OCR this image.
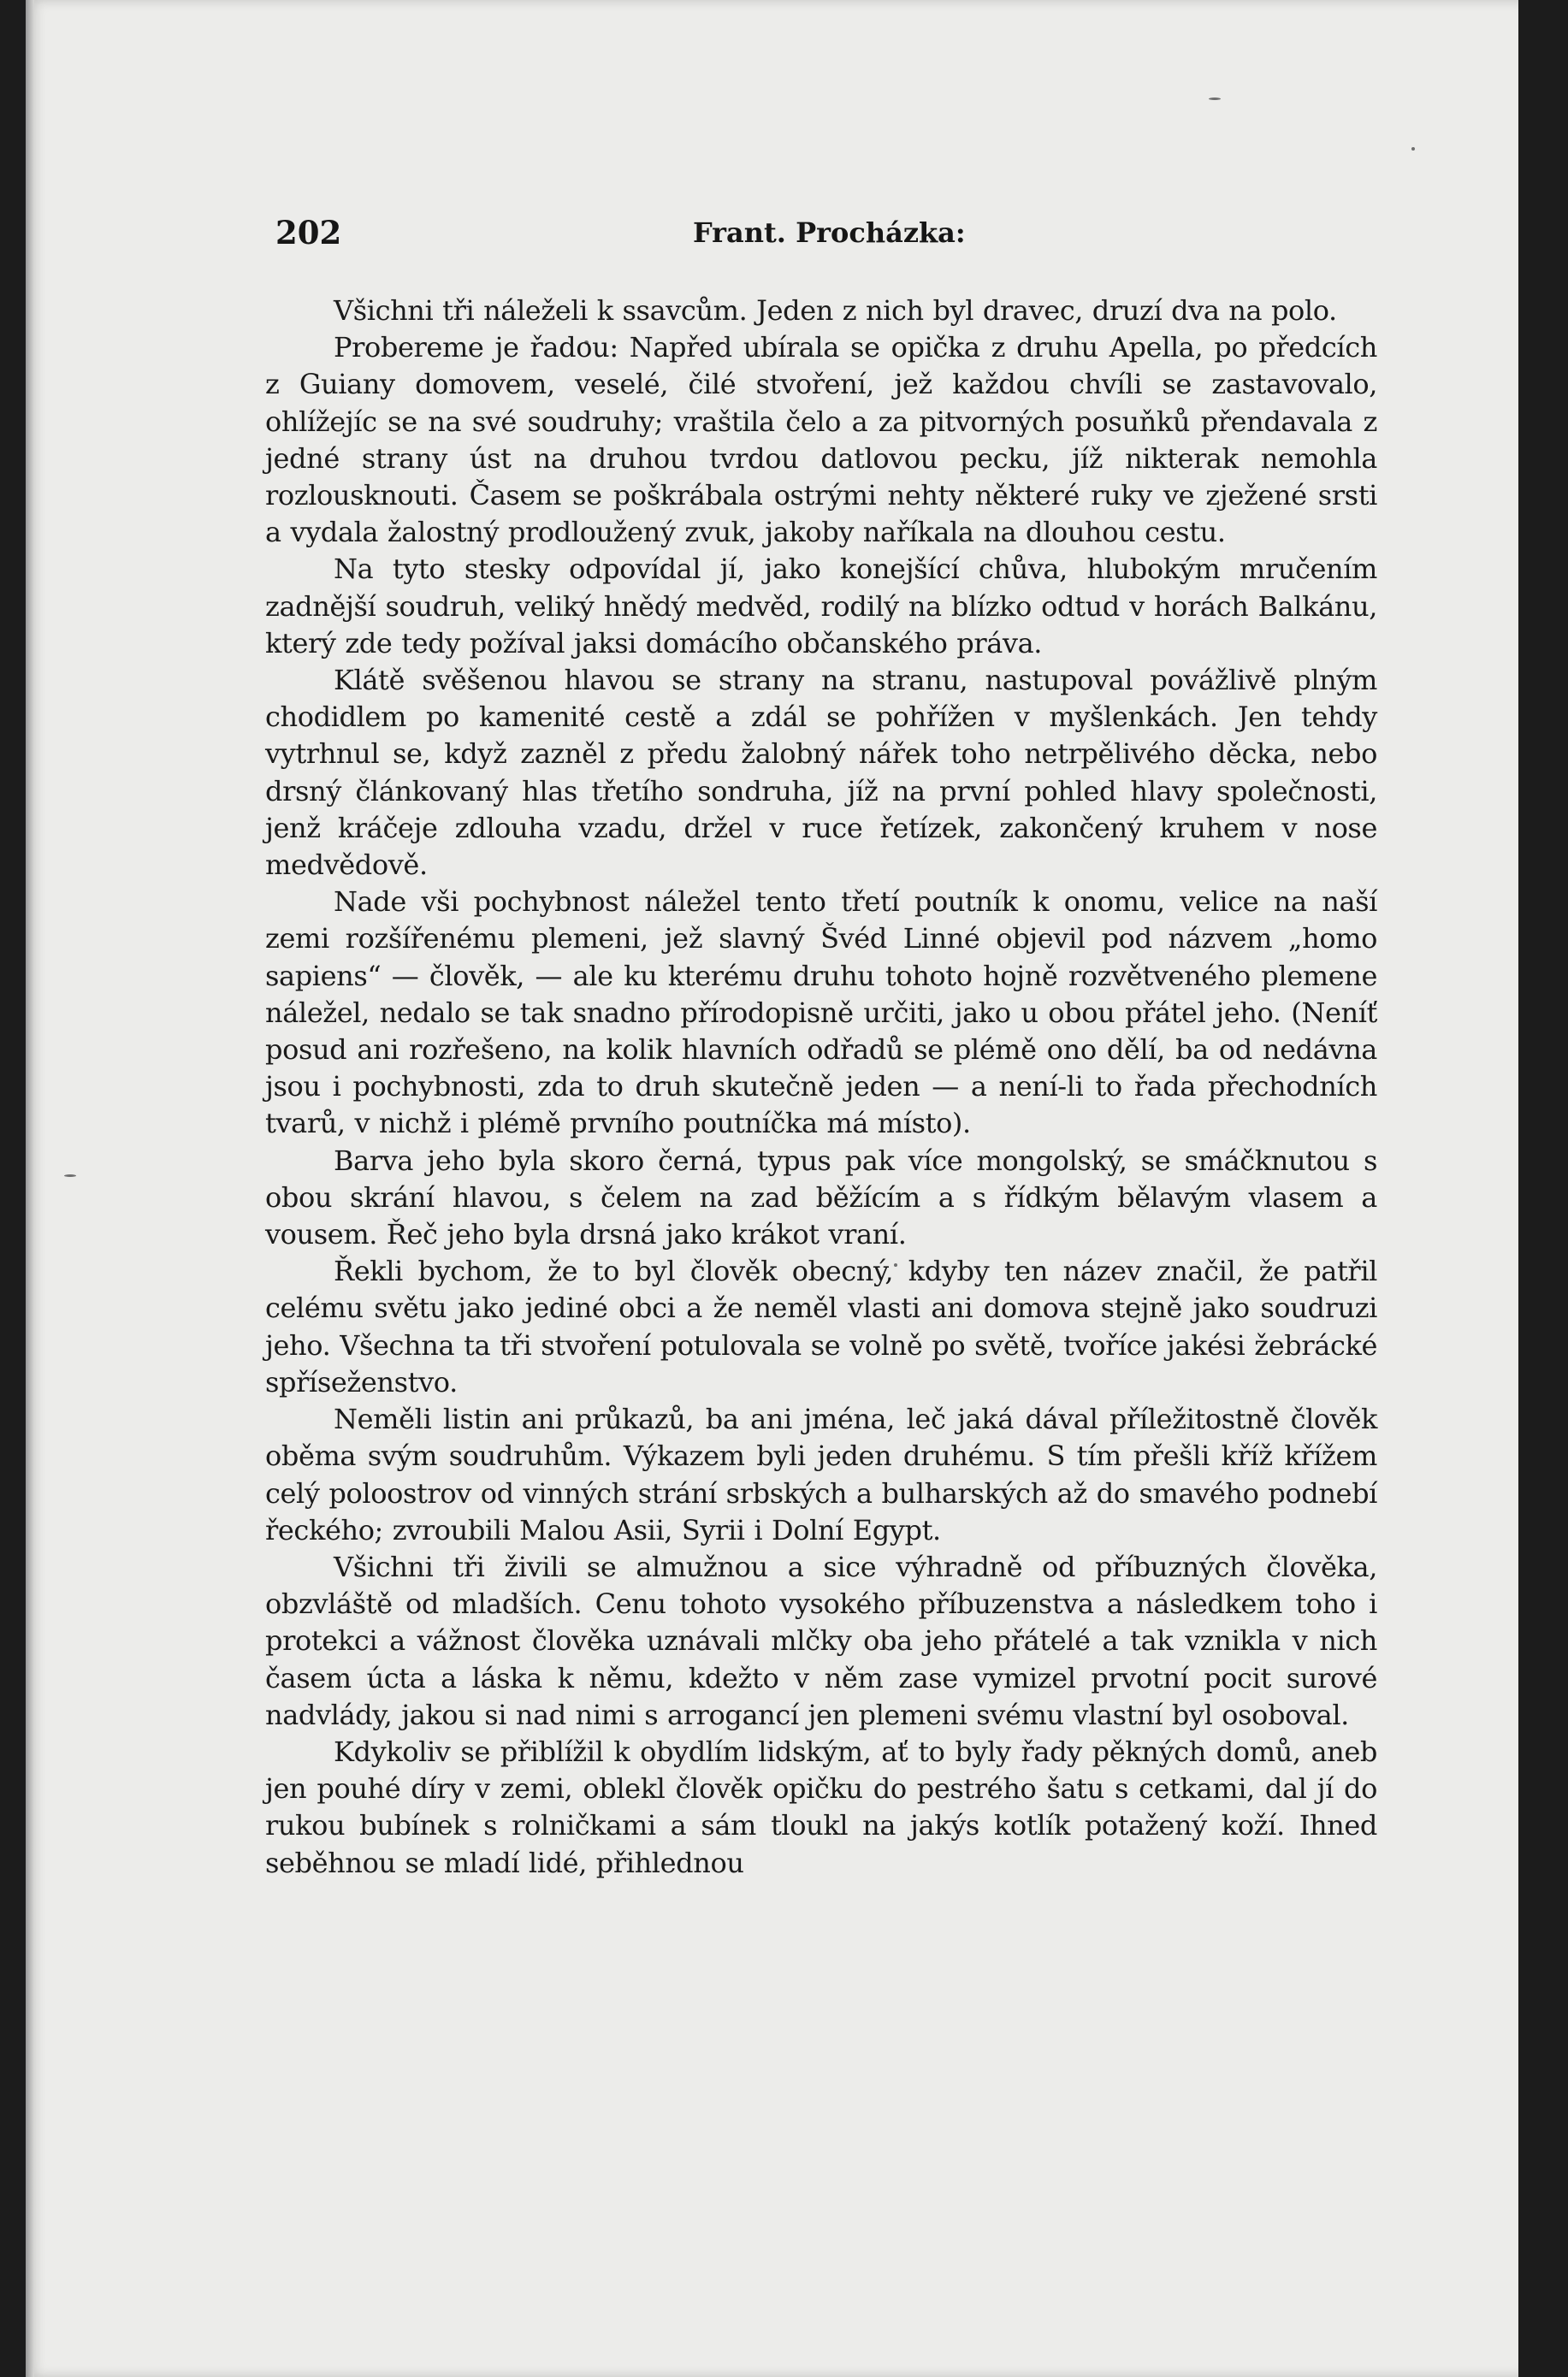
202	Frant. Procházka:

Všichni tři náleželi k ssavcům. Jeden z nich byl dravec, druzí dva na polo.

Probereme je řadou: Napřed ubírala se opička z druhu Apella, po předcích z Guiany domovem, veselé, čilé stvoření, jež každou chvíli se zastavovalo, ohlížejíc se na své soudruhy; vraštila čelo a za pitvorných posuňků přendavala z jedné strany úst na druhou tvrdou datlovou pecku, jíž nikterak nemohla rozlousknouti. Časem se poškrábala ostrými nehty některé ruky ve zježené srsti a vydala žalostný prodloužený zvuk, jakoby naříkala na dlouhou cestu.

Na tyto stesky odpovídal jí, jako konejšící chůva, hlubokým mručením zadnější soudruh, veliký hnědý medvěd, rodilý na blízko odtud v horách Balkánu, který zde tedy požíval jaksi domácího občanského práva.

Klátě svěšenou hlavou se strany na stranu, nastupoval povážlivě plným chodidlem po kamenité cestě a zdál se pohřížen v myšlenkách. Jen tehdy vytrhnul se, když zazněl z předu žalobný nářek toho netrpělivého děcka, nebo drsný článkovaný hlas třetího sondruha, jíž na první pohled hlavy společnosti, jenž kráčeje zdlouha vzadu, držel v ruce řetízek, zakončený kruhem v nose medvědově.

Nade vši pochybnost náležel tento třetí poutník k onomu, velice na naší zemi rozšířenému plemeni, jež slavný Švéd Linné objevil pod názvem „homo sapiens“ — člověk, — ale ku kterému druhu tohoto hojně rozvětveného plemene náležel, nedalo se tak snadno přírodopisně určiti, jako u obou přátel jeho. (Neníť posud ani rozřešeno, na kolik hlavních odřadů se plémě ono dělí, ba od nedávna jsou i pochybnosti, zda to druh skutečně jeden — a není-li to řada přechodních tvarů, v nichž i plémě prvního poutníčka má místo).

Barva jeho byla skoro černá, typus pak více mongolský, se smáčknutou s obou skrání hlavou, s čelem na zad běžícím a s řídkým bělavým vlasem a vousem. Řeč jeho byla drsná jako krákot vraní.

Řekli bychom, že to byl člověk obecný, kdyby ten název značil, že patřil celému světu jako jediné obci a že neměl vlasti ani domova stejně jako soudruzi jeho. Všechna ta tři stvoření potulovala se volně po světě, tvoříce jakési žebrácké spříseženstvo.

Neměli listin ani průkazů, ba ani jména, leč jaká dával příležitostně člověk oběma svým soudruhům. Výkazem byli jeden druhému. S tím přešli kříž křížem celý poloostrov od vinných strání srbských a bulharských až do smavého podnebí řeckého; zvroubili Malou Asii, Syrii i Dolní Egypt.

Všichni tři živili se almužnou a sice výhradně od příbuzných člověka, obzvláště od mladších. Cenu tohoto vysokého příbuzenstva a následkem toho i protekci a vážnost člověka uznávali mlčky oba jeho přátelé a tak vznikla v nich časem úcta a láska k němu, kdežto v něm zase vymizel prvotní pocit surové nadvlády, jakou si nad nimi s arrogancí jen plemeni svému vlastní byl osoboval.

Kdykoliv se přiblížil k obydlím lidským, ať to byly řady pěkných domů, aneb jen pouhé díry v zemi, oblekl člověk opičku do pestrého šatu s cetkami, dal jí do rukou bubínek s rolničkami a sám tloukl na jakýs kotlík potažený koží. Ihned seběhnou se mladí lidé, přihlednou
